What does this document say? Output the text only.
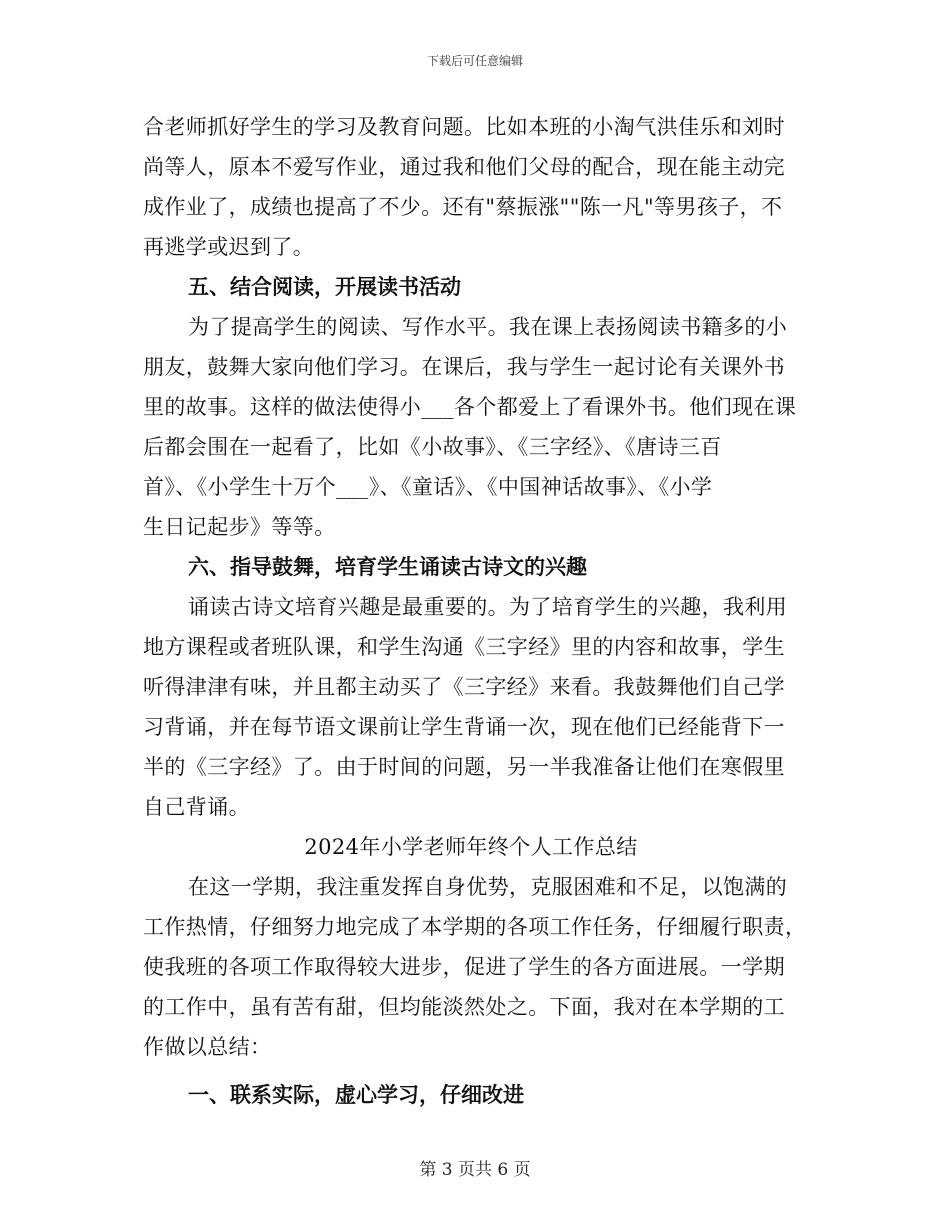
下载后可任意编辑
合老师抓好学生的学习及教育问题。比如本班的小淘气洪佳乐和刘时
尚等人，原本不爱写作业，通过我和他们父母的配合，现在能主动完
成作业了，成绩也提高了不少。还有"蔡振涨""陈一凡"等男孩子，不
再逃学或迟到了。
五、结合阅读，开展读书活动
为了提高学生的阅读、写作水平。我在课上表扬阅读书籍多的小
朋友，鼓舞大家向他们学习。在课后，我与学生一起讨论有关课外书
里的故事。这样的做法使得小___各个都爱上了看课外书。他们现在课
后都会围在一起看了，比如《小故事》、《三字经》、《唐诗三百
首》、《小学生十万个___》、《童话》、《中国神话故事》、《小学
生日记起步》等等。
六、指导鼓舞，培育学生诵读古诗文的兴趣
诵读古诗文培育兴趣是最重要的。为了培育学生的兴趣，我利用
地方课程或者班队课，和学生沟通《三字经》里的内容和故事，学生
听得津津有味，并且都主动买了《三字经》来看。我鼓舞他们自己学
习背诵，并在每节语文课前让学生背诵一次，现在他们已经能背下一
半的《三字经》了。由于时间的问题，另一半我准备让他们在寒假里
自己背诵。
2024年小学老师年终个人工作总结
在这一学期，我注重发挥自身优势，克服困难和不足，以饱满的
工作热情，仔细努力地完成了本学期的各项工作任务，仔细履行职责，
使我班的各项工作取得较大进步，促进了学生的各方面进展。一学期
的工作中，虽有苦有甜，但均能淡然处之。下面，我对在本学期的工
作做以总结：
一、联系实际，虚心学习，仔细改进
第 3 页共 6 页
